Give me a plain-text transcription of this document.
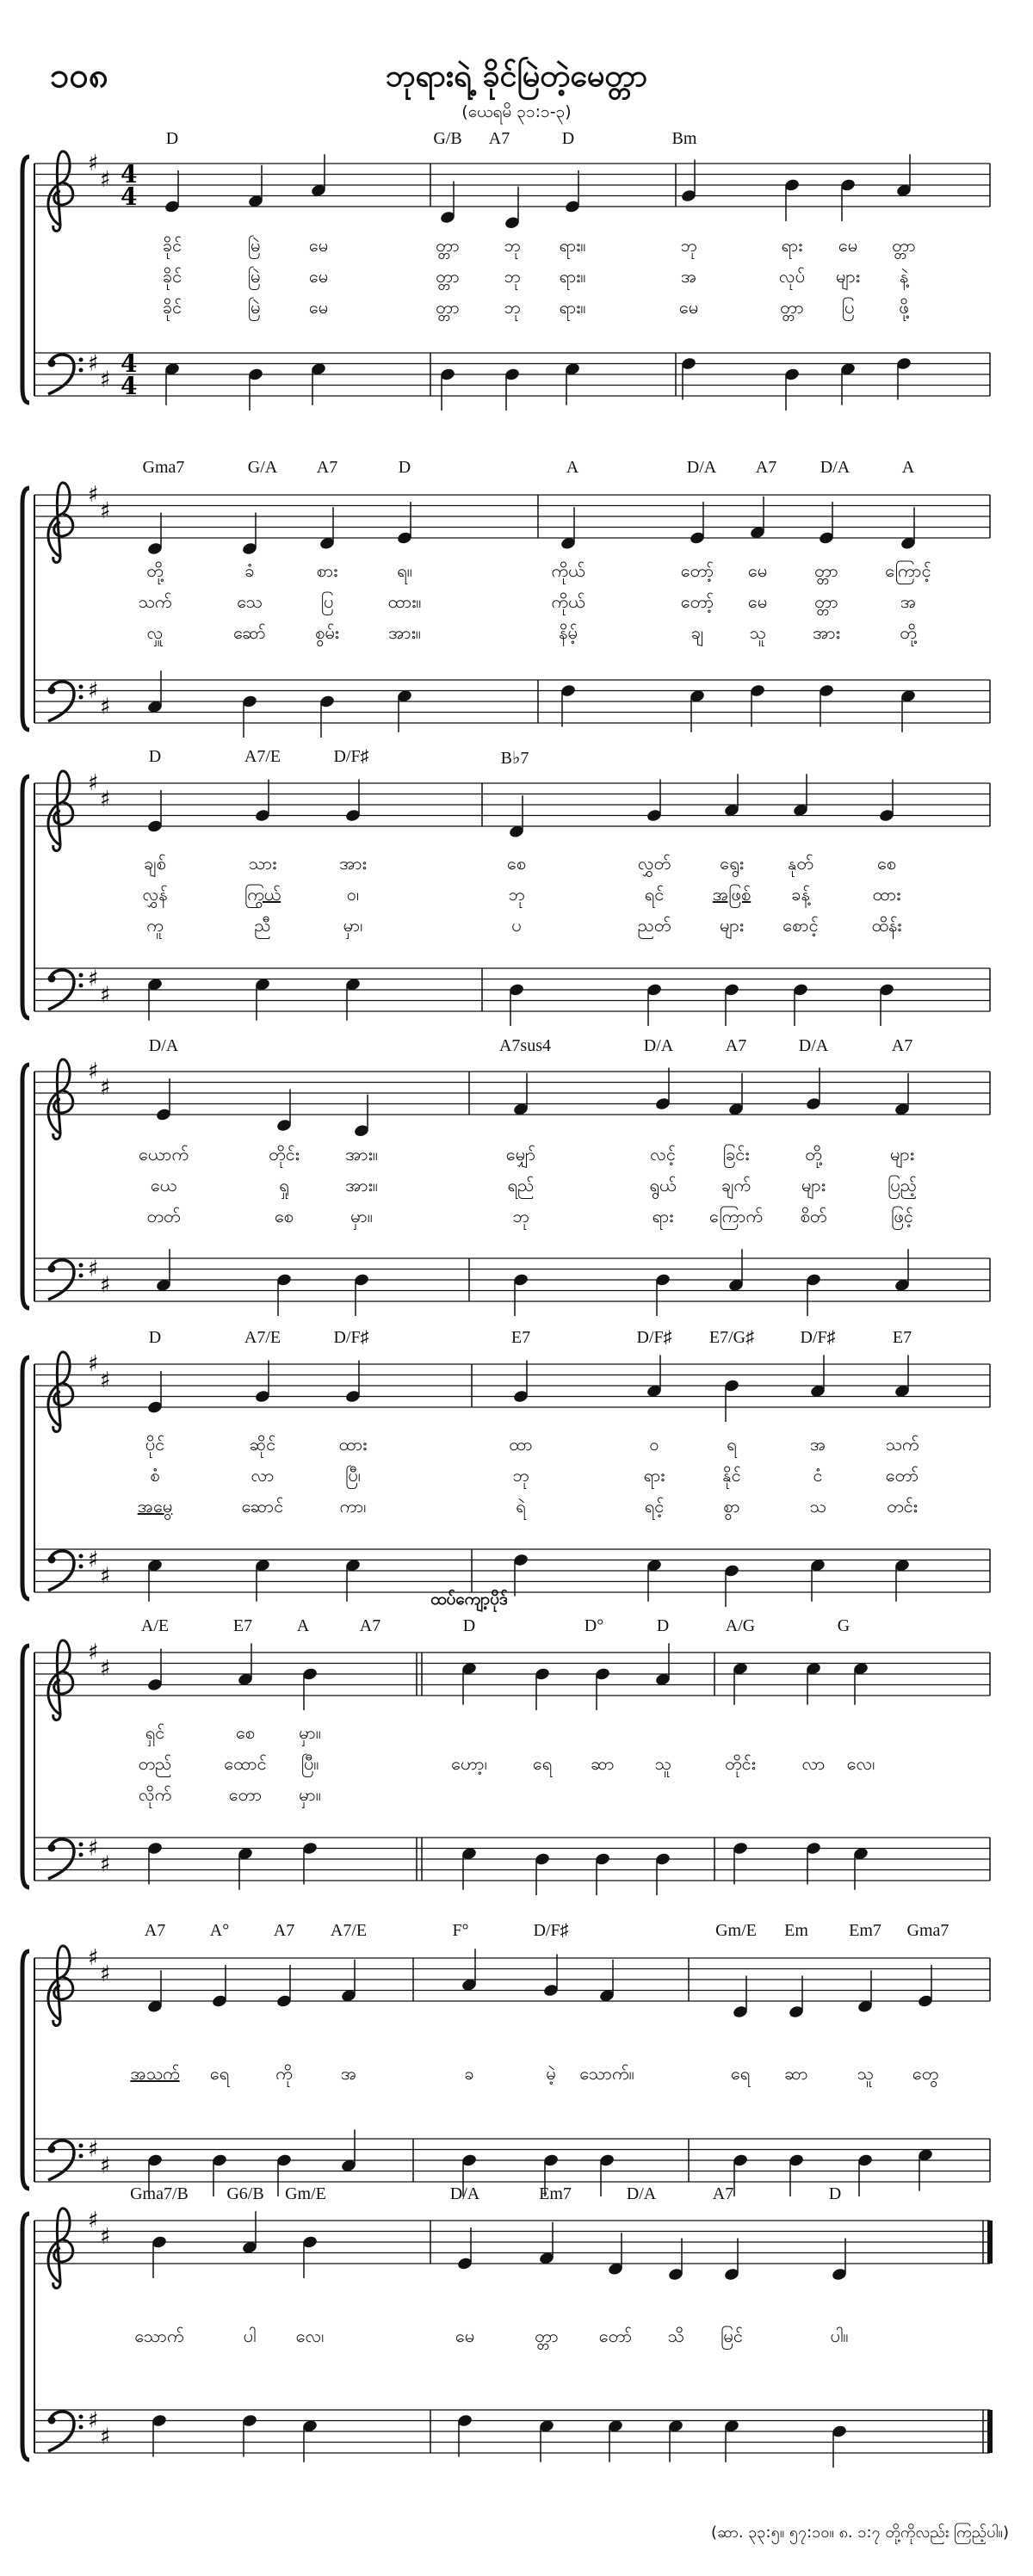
၁၀၈	ဘုရားရဲ့ ခိုင်မြဲတဲ့မေတ္တာ
(ယေရမိ ၃၁:၁-၃)
♯
♯
♯
♯
4
4
4
4
♯
♯
♯
♯
♯
♯
♯
♯
♯
♯
♯
♯
♯
♯
♯
♯
♯
♯
♯
♯
♯
♯
♯
♯
♯
♯
♯
♯
D	G/B A7	D	Bm
ခိုင်	မြဲ	မေ	တ္တာ	ဘု ရား။	ဘု	ရား မေ တ္တာ
ခိုင်	မြဲ	မေ	တ္တာ	ဘု ရား။	အ	လုပ် များ နဲ့
ခိုင်	မြဲ	မေ	တ္တာ	ဘု ရား။	မေ	တ္တာ ပြ	ဖို့
Gma7	G/A A7	D	A	D/A A7	D/A	A
တို့	ခံ	စား	ရ။	ကိုယ်	တော့် မေ	တ္တာ	ကြောင့်
သက်	သေ	ပြ	ထား။	ကိုယ်	တော့် မေ	တ္တာ	အ
လှူ	ဆော်	စွမ်း	အား။	နိမ့်	ချ	သူ	အား	တို့
D	A7/E	D/F♯	B♭7
ချစ်	သား	အား	စေ	လွှတ်	ရွေး	နုတ်	စေ
လွှန်	ကြွယ်	ဝ၊	ဘု	ရင်	အဖြစ် ခန့်	ထား
ကူ	ညီ	မှာ၊	ပ	ညတ်	များ စောင့်	ထိန်း
D/A	A7sus4	D/A	A7	D/A	A7
ယောက်	တိုင်း	အား။	မျှော်	လင့်	ခြင်း	တို့	များ
ယေ	ရှု	အား။	ရည်	ရွယ်	ချက်	များ	ပြည့်
တတ်	စေ	မှာ။	ဘု	ရား ကြောက် စိတ်	ဖြင့်
D	A7/E	D/F♯	E7	D/F♯ E7/G♯	D/F♯	E7
ပိုင်	ဆိုင်	ထား	ထာ	ဝ	ရ	အ	သက်
စံ	လာ	ပြီ၊	ဘု	ရား	နိုင်	ငံ	တော်
အမွေ	ဆောင်	ကာ၊	ရဲ	ရင့်	စွာ	သ	တင်း
A/E	E7	A	A7	D	D°	D	A/G	G
ရှင်	စေ	မှာ။
တည်	ထောင် ပြီ။	ဟော့၊	ရေ ဆာ သူ	တိုင်း	လာ လေ၊
လိုက်	တော မှာ။
A7	A°	A7 A7/E	F°	D/F♯	Gm/E Em Em7 Gma7
အသက် ရေ	ကို	အ	ခ	မဲ့ သောက်။	ရေ ဆာ	သူ တွေ
Gma7/B G6/B Gm/E	D/A	Em7	D/A	A7	D
သောက်	ပါ လေ၊	မေ	တ္တာ တော် သိ မြင်	ပါ။
ထပ်ကျော့ပိုဒ်
(ဆာ. ၃၃:၅။ ၅၇:၁၀။ ၈. ၁:၇ တို့ကိုလည်း ကြည့်ပါ။)
